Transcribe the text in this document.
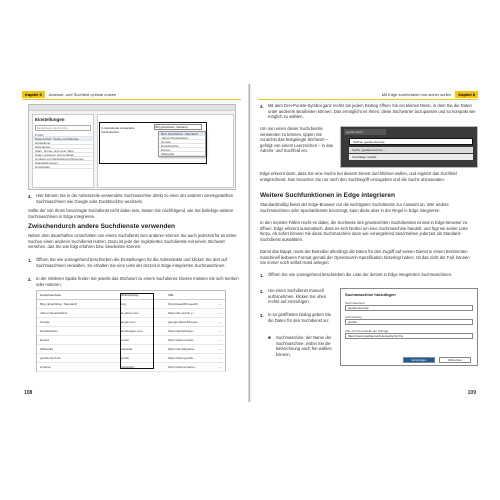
Kapitel 8	Adresse- und Suchfeld optimal nutzen
Einstellungen
Einstellungen durchsuchen
Profile
Datenschutz, Suche und Dienste
Darstellung
Seitenleiste
Start-, Home- und neue Tabs
Teilen, kopieren und einfügen
Cookies und Websiteberechtigungen
Standardbrowser
Downloads
In Adressleiste verwendete Suchmaschine
Bing (Empfohlen, Standard)
Bing (Empfohlen, Standard)
Yahoo! Deutschland
Google
DuckDuckGo
Ecosia
Wikipedia
4. Hier können Sie in der Adresszeile verwendete Suchmaschine direkt zu einer der anderen voreingestellten Suchmaschinen wie Google oder DuckDuckGo wechseln.
Sollte der von Ihnen bevorzugte Suchdienst nicht dabei sein, lassen Sie nachfolgend, wie Sie beliebige weitere Suchmaschinen in Edge integrieren.
Zwischendurch andere Suchdienste verwenden
Neben dem dauerhaften Umschalten von einem Suchdienst zum anderen können Sie auch jederzeit für einzelne Suchen einen anderen Suchdienst nutzen. Dazu ist jede der registrierten Suchdienste mit einem Stichwort versehen, das Sie wie folgt erfahren bzw. bearbeiten können:
1. Öffnen Sie wie vorangehend beschrieben die Einstellungen für die Adressleiste und klicken Sie dort auf Suchmaschinen verwalten. So erhalten Sie eine Liste der derzeit in Edge integrierten Suchmaschinen.
2. In der mittleren Spalte finden Sie jeweils das Stichwort zu einem Suchdienst. Dieses müssen Sie sich merken oder notieren.
Suchmaschine	Verknüpfung	URL
Bing (Empfohlen, Standard)	bing	{bing:baseURL}search	⋯
Yahoo! Deutschland	de.yahoo.com	https://de.search.y...	⋯
Google	google.com	{google:baseURL}sea...	⋯
DuckDuckGo	duckduckgo.com	https://duckduckgo...	⋯
Ecosia	ecosia	https://www.ecosia...	⋯
Wikipedia	wikipedia	https://de.wikipedia...	⋯
gooble-buch.de	gooble	https://www.gooble...	⋯
Amazon	trustworthy	https://www.amazon...	⋯
108
Mit Edge komfortabel und sicher surfen	Kapitel 8
3. Mit dem Drei-Punkte-Symbol ganz rechts bei jedem Eintrag öffnen Sie ein kleines Menü, in dem Sie die Daten unter anderem Bearbeiten können. Das ermöglicht es Ihnen, diese Stichwörter anzupassen und so kompakt wie möglich zu wählen.
Um nun einen dieser Suchdienste verwenden zu können, tippen Sie zunächst das festgelegte Stichwort – gefolgt von einem Leerzeichen – in das Adress- und Suchfeld ein.
gooble-buch
Suchen gooble-buch.de
Suche | gooble-buch.de | ...
Vorschläge: Gooble
Edge erkennt dann, dass Sie eine Suche bei diesem Dienst durchführen wollen, und ergänzt das Suchfeld entsprechend. Nun brauchen Sie nur noch den Suchbegriff einzugeben und die Suche abzusenden.
Weitere Suchfunktionen in Edge integrieren
Standardmäßig bietet der Edge-Browser nur die wichtigsten Suchdienste zur Auswahl an. Wer andere Suchmaschinen oder Spezialdienste bevorzugt, kann diese aber in der Regel in Edge integrieren.
In den meisten Fällen reicht es dabei, die Suchseite des gewünschten Suchdienstes einmal in Edge-Browser zu öffnen. Edge erkennt automatisch, dass es sich hierbei um eine Suchmaschine handelt, und fügt sie seiner Liste hinzu. Ab sofort können Sie diese Suchmaschine dann wie vorangehend beschrieben jederzeit als Standard-Suchdienst auswählen.
Damit das klappt, muss der Betreiber allerdings die Daten für den Zugriff auf seinen Dienst in einem bestimmten maschinell lesbaren Format gemäß der OpenSearch-Spezifikation hinterlegt haben. Ist das nicht der Fall, können Sie immer noch selbst Hand anlegen:
1. Öffnen Sie wie vorangehend beschrieben die Liste der derzeit in Edge integrierten Suchmaschinen.
2. Um einen Suchdienst manuell aufzunehmen, klicken Sie oben rechts auf Hinzufügen.
3. In so geöffneten Dialog geben Sie die Daten für den Suchdienst an:
■ Suchmaschine: der Name der Suchmaschine, wobei Sie die Bezeichnung auch frei wählen können.
Suchmaschine hinzufügen
Suchmaschine
gooble-buch.de
Verknüpfung
gooble
URL mit %s anstelle der Abfrage
https://www.gooble-buch.de/suche?q=%s
Hinzufügen	Abbrechen
109
